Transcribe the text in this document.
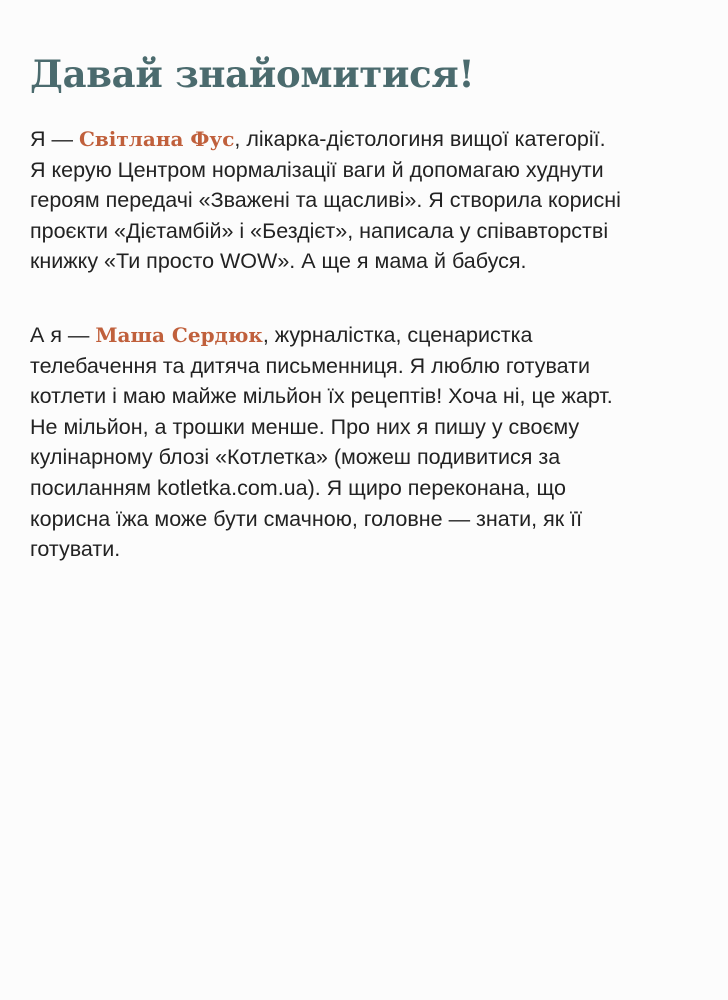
Давай знайомитися!

Я — Світлана Фус, лікарка-дієтологиня вищої категорії.
Я керую Центром нормалізації ваги й допомагаю худнути
героям передачі «Зважені та щасливі». Я створила корисні
проєкти «Дієтамбій» і «Бездієт», написала у співавторстві
книжку «Ти просто WOW». А ще я мама й бабуся.

А я — Маша Сердюк, журналістка, сценаристка
телебачення та дитяча письменниця. Я люблю готувати
котлети і маю майже мільйон їх рецептів! Хоча ні, це жарт.
Не мільйон, а трошки менше. Про них я пишу у своєму
кулінарному блозі «Котлетка» (можеш подивитися за
посиланням kotletka.com.ua). Я щиро переконана, що
корисна їжа може бути смачною, головне — знати, як її
готувати.
